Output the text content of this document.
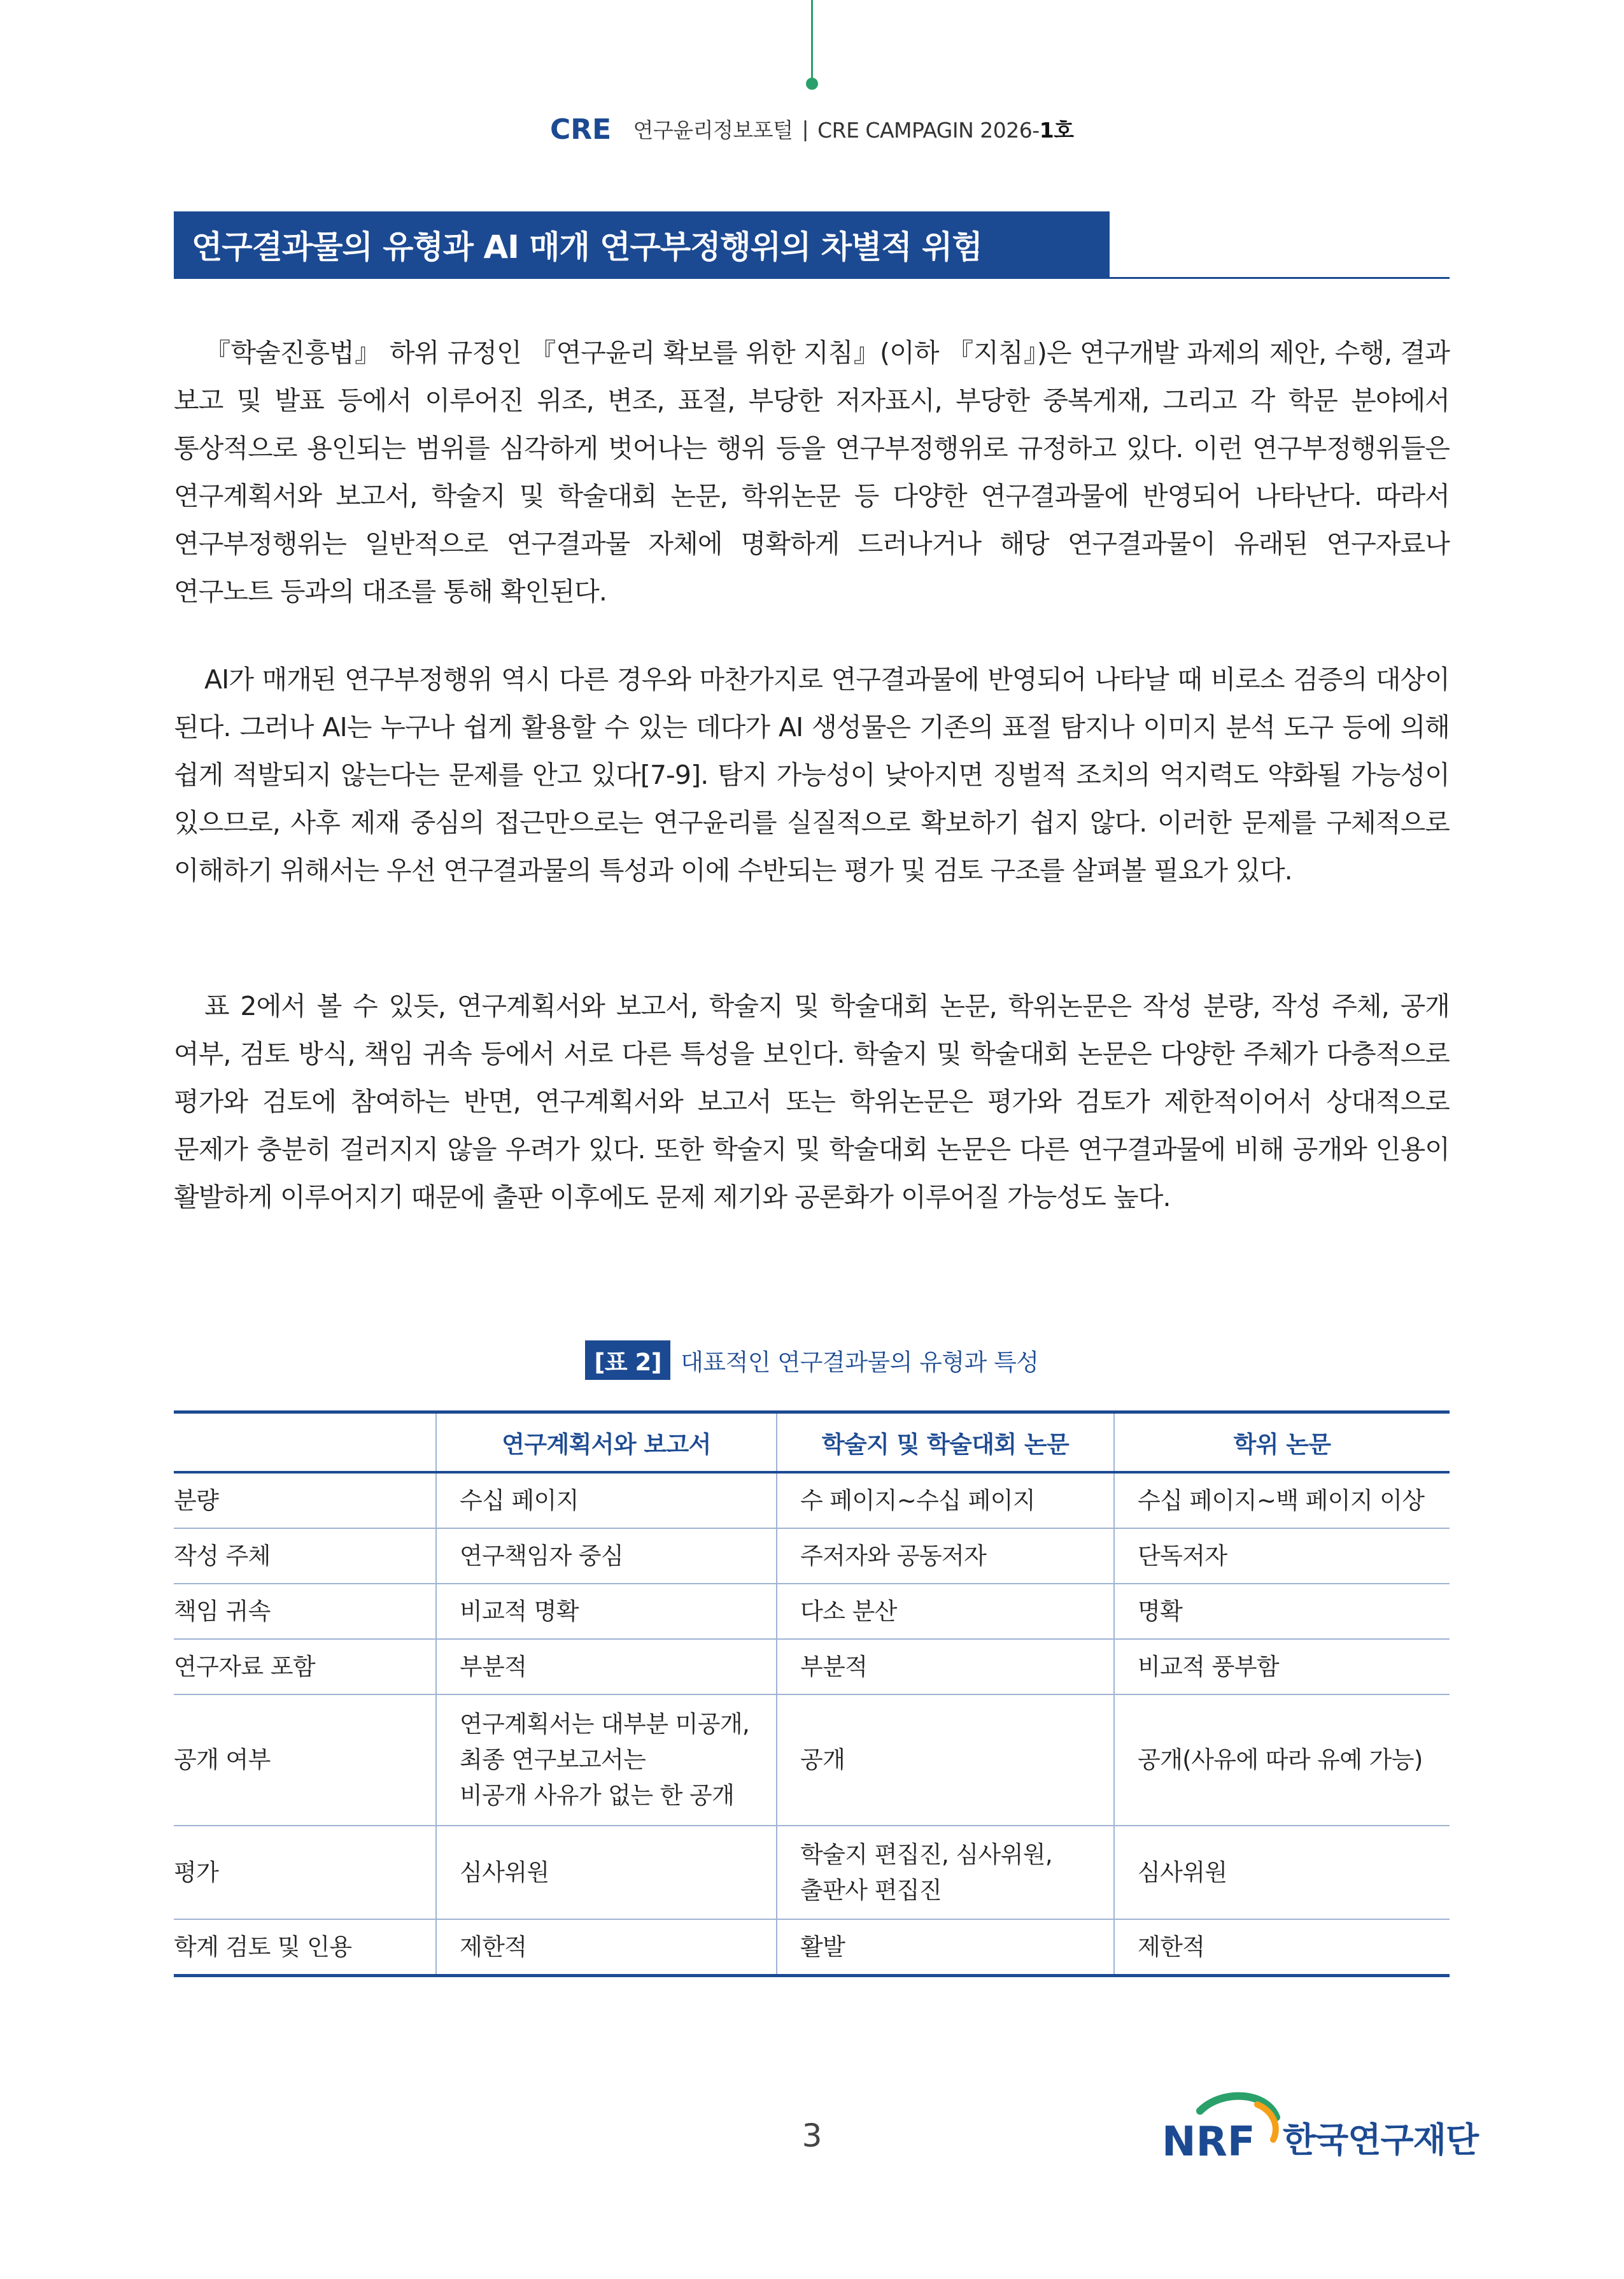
CRE 연구윤리정보포털 | CRE CAMPAGIN 2026-1호
연구결과물의 유형과 AI 매개 연구부정행위의 차별적 위험

『학술진흥법』 하위 규정인 『연구윤리 확보를 위한 지침』(이하 『지침』)은 연구개발 과제의 제안, 수행, 결과 보고 및 발표 등에서 이루어진 위조, 변조, 표절, 부당한 저자표시, 부당한 중복게재, 그리고 각 학문 분야에서 통상적으로 용인되는 범위를 심각하게 벗어나는 행위 등을 연구부정행위로 규정하고 있다. 이런 연구부정행위들은 연구계획서와 보고서, 학술지 및 학술대회 논문, 학위논문 등 다양한 연구결과물에 반영되어 나타난다. 따라서 연구부정행위는 일반적으로 연구결과물 자체에 명확하게 드러나거나 해당 연구결과물이 유래된 연구자료나 연구노트 등과의 대조를 통해 확인된다.

AI가 매개된 연구부정행위 역시 다른 경우와 마찬가지로 연구결과물에 반영되어 나타날 때 비로소 검증의 대상이 된다. 그러나 AI는 누구나 쉽게 활용할 수 있는 데다가 AI 생성물은 기존의 표절 탐지나 이미지 분석 도구 등에 의해 쉽게 적발되지 않는다는 문제를 안고 있다[7-9]. 탐지 가능성이 낮아지면 징벌적 조치의 억지력도 약화될 가능성이 있으므로, 사후 제재 중심의 접근만으로는 연구윤리를 실질적으로 확보하기 쉽지 않다. 이러한 문제를 구체적으로 이해하기 위해서는 우선 연구결과물의 특성과 이에 수반되는 평가 및 검토 구조를 살펴볼 필요가 있다.

표 2에서 볼 수 있듯, 연구계획서와 보고서, 학술지 및 학술대회 논문, 학위논문은 작성 분량, 작성 주체, 공개 여부, 검토 방식, 책임 귀속 등에서 서로 다른 특성을 보인다. 학술지 및 학술대회 논문은 다양한 주체가 다층적으로 평가와 검토에 참여하는 반면, 연구계획서와 보고서 또는 학위논문은 평가와 검토가 제한적이어서 상대적으로 문제가 충분히 걸러지지 않을 우려가 있다. 또한 학술지 및 학술대회 논문은 다른 연구결과물에 비해 공개와 인용이 활발하게 이루어지기 때문에 출판 이후에도 문제 제기와 공론화가 이루어질 가능성도 높다.

[표 2] 대표적인 연구결과물의 유형과 특성
	연구계획서와 보고서	학술지 및 학술대회 논문	학위 논문
분량	수십 페이지	수 페이지~수십 페이지	수십 페이지~백 페이지 이상

작성 주체	연구책임자 중심	주저자와 공동저자	단독저자

책임 귀속	비교적 명확	다소 분산	명확

연구자료 포함	부분적	부분적	비교적 풍부함

공개 여부	연구계획서는 대부분 미공개,
최종 연구보고서는
비공개 사유가 없는 한 공개	공개	공개(사유에 따라 유예 가능)

평가	심사위원	학술지 편집진, 심사위원,
출판사 편집진	심사위원

학계 검토 및 인용	제한적	활발	제한적
3	NRF 한국연구재단
